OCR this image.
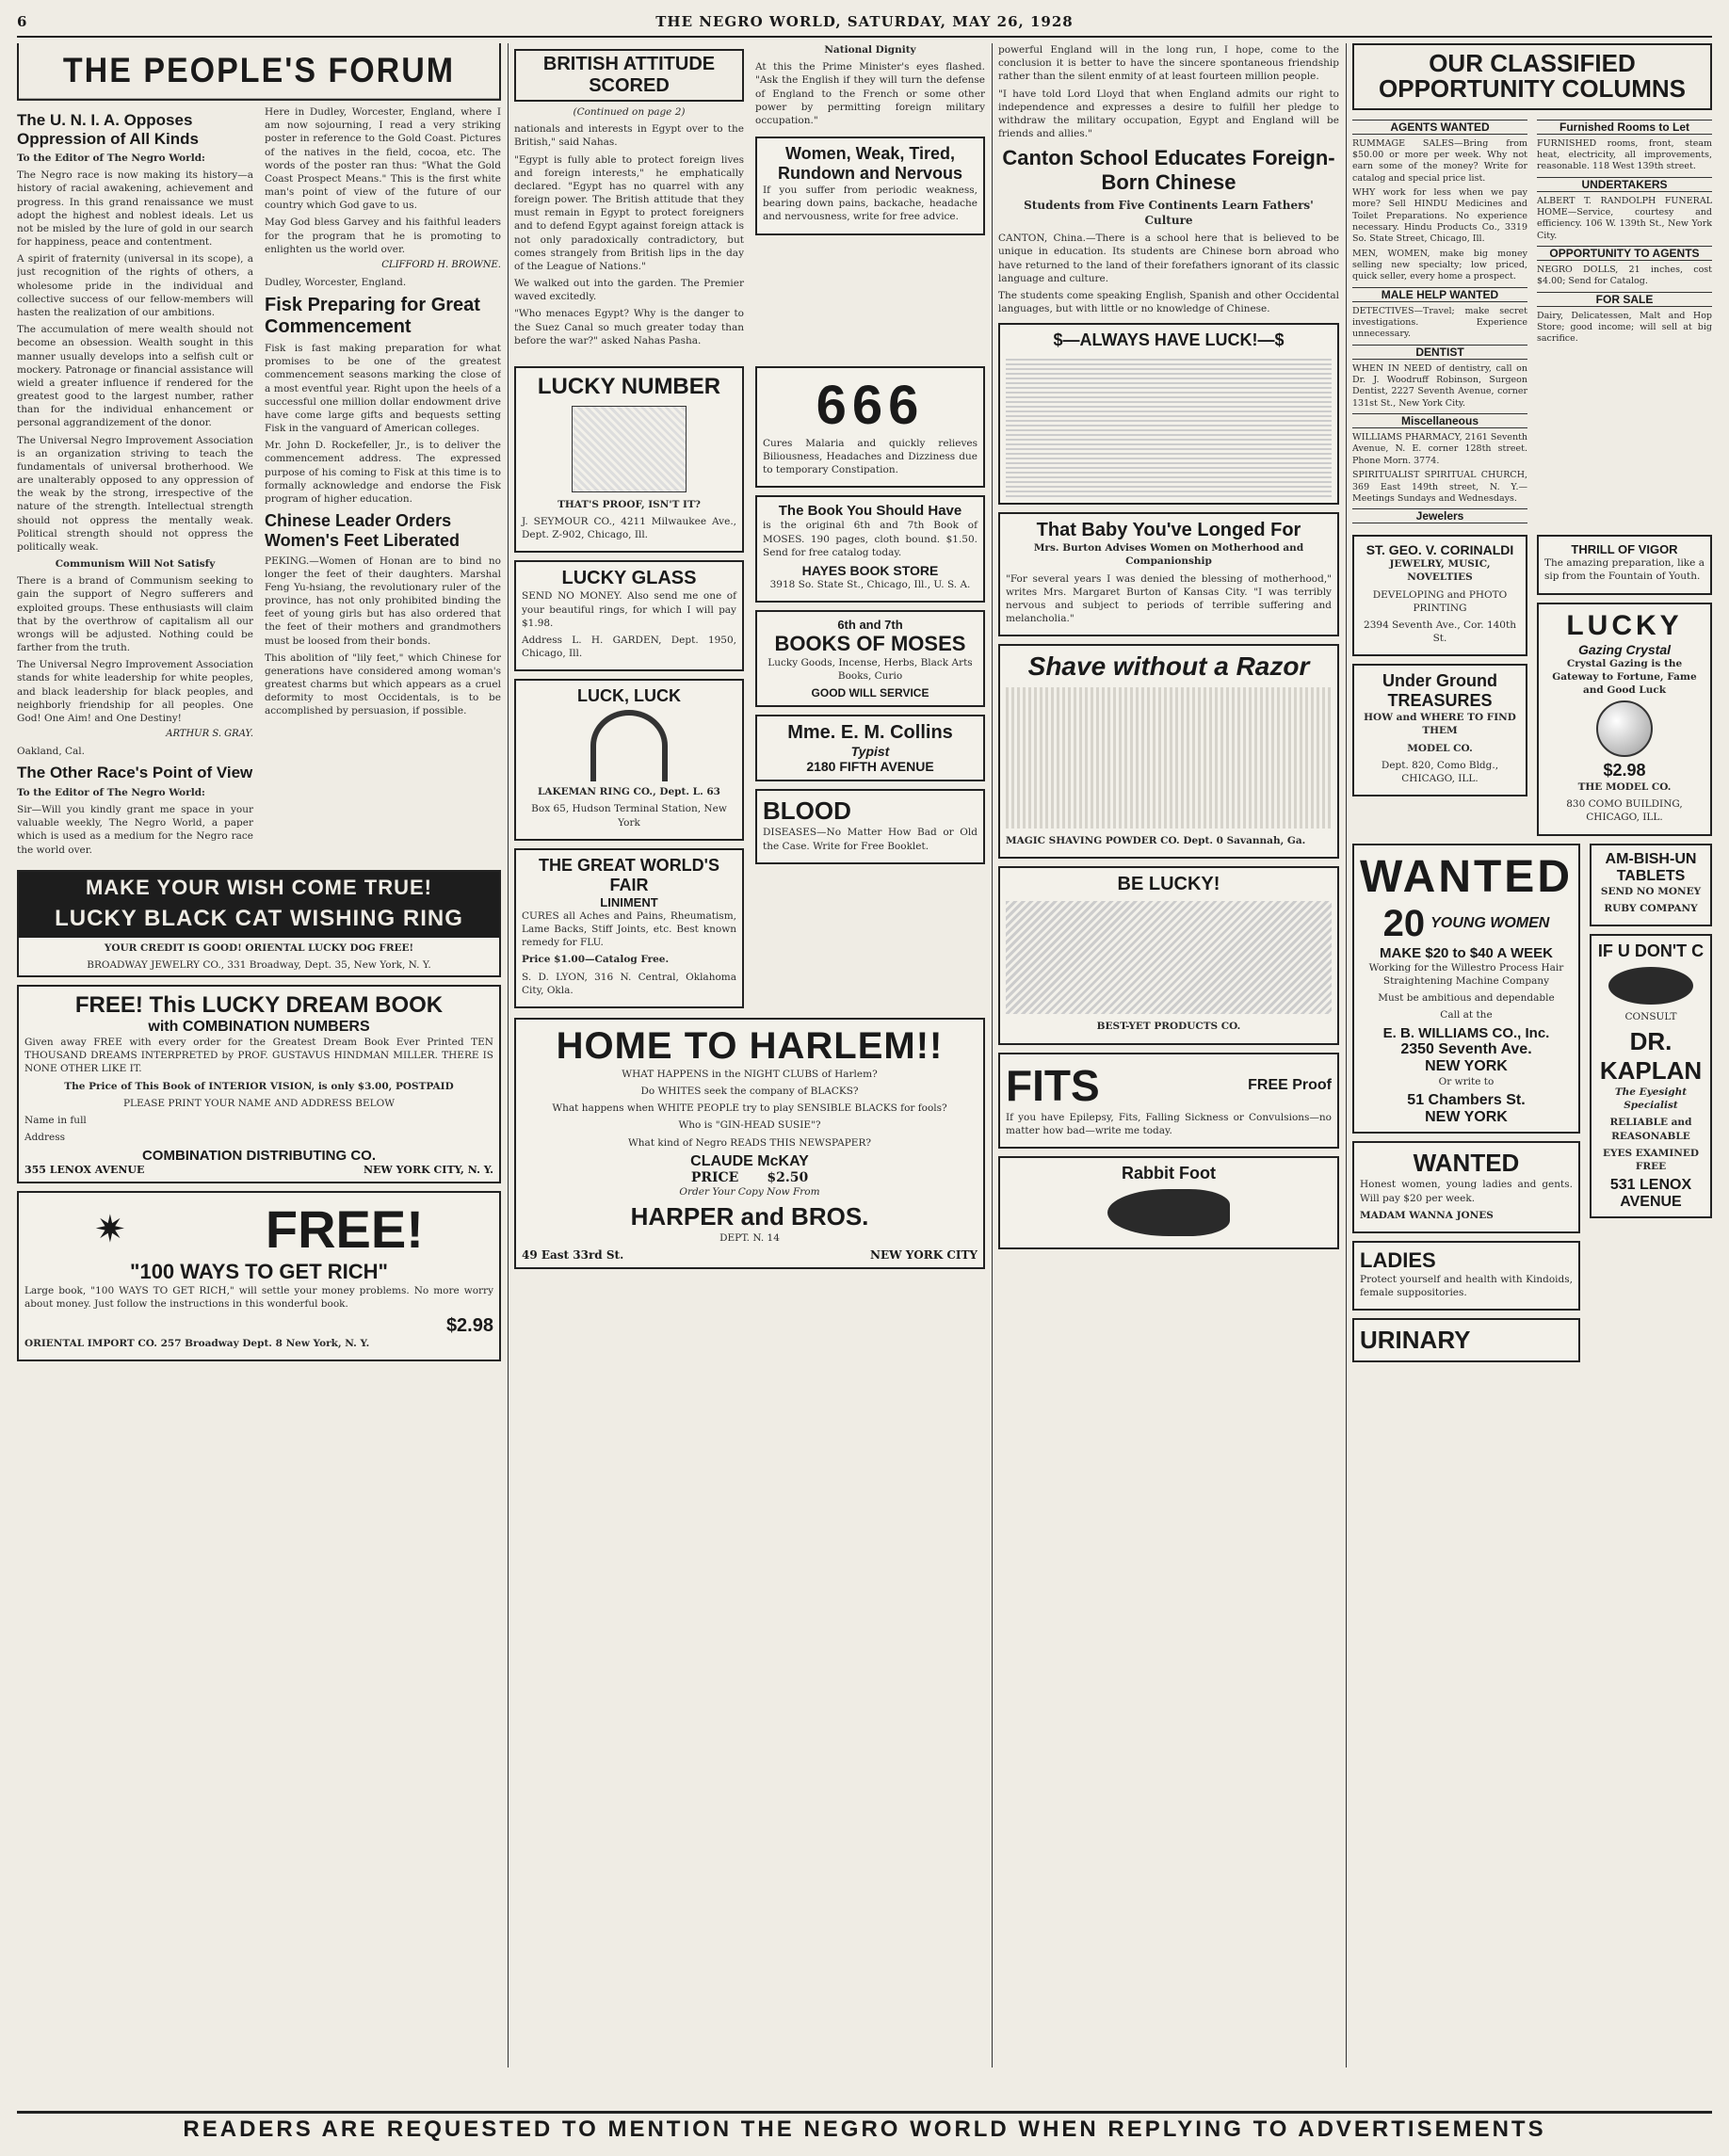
6	THE NEGRO WORLD, SATURDAY, MAY 26, 1928
THE PEOPLE'S FORUM
The U. N. I. A. Opposes Oppression of All Kinds

To the Editor of The Negro World:

The Negro race is now making its history—a history of racial awakening, achievement and progress. In this grand renaissance we must adopt the highest and noblest ideals. Let us not be misled by the lure of gold in our search for happiness, peace and contentment.

A spirit of fraternity (universal in its scope), a just recognition of the rights of others, a wholesome pride in the individual and collective success of our fellow-members will hasten the realization of our ambitions.

The accumulation of mere wealth should not become an obsession. Wealth sought in this manner usually develops into a selfish cult or mockery. Patronage or financial assistance will wield a greater influence if rendered for the greatest good to the largest number, rather than for the individual enhancement or personal aggrandizement of the donor.

The Universal Negro Improvement Association is an organization striving to teach the fundamentals of universal brotherhood. We are unalterably opposed to any oppression of the weak by the strong, irrespective of the nature of the strength. Intellectual strength should not oppress the mentally weak. Political strength should not oppress the politically weak.

Communism Will Not Satisfy

There is a brand of Communism seeking to gain the support of Negro sufferers and exploited groups. These enthusiasts will claim that by the overthrow of capitalism all our wrongs will be adjusted. Nothing could be farther from the truth.

The Universal Negro Improvement Association stands for white leadership for white peoples, and black leadership for black peoples, and neighborly friendship for all peoples. One God! One Aim! and One Destiny!

ARTHUR S. GRAY.

Oakland, Cal.

The Other Race's Point of View

To the Editor of The Negro World:

Sir—Will you kindly grant me space in your valuable weekly, The Negro World, a paper which is used as a medium for the Negro race the world over.

Here in Dudley, Worcester, England, where I am now sojourning, I read a very striking poster in reference to the Gold Coast. Pictures of the natives in the field, cocoa, etc. The words of the poster ran thus: "What the Gold Coast Prospect Means." This is the first white man's point of view of the future of our country which God gave to us.

May God bless Garvey and his faithful leaders for the program that he is promoting to enlighten us the world over.

CLIFFORD H. BROWNE.

Dudley, Worcester, England.

Fisk Preparing for Great Commencement

Fisk is fast making preparation for what promises to be one of the greatest commencement seasons marking the close of a most eventful year. Right upon the heels of a successful one million dollar endowment drive have come large gifts and bequests setting Fisk in the vanguard of American colleges.

Mr. John D. Rockefeller, Jr., is to deliver the commencement address. The expressed purpose of his coming to Fisk at this time is to formally acknowledge and endorse the Fisk program of higher education.

Chinese Leader Orders Women's Feet Liberated

PEKING.—Women of Honan are to bind no longer the feet of their daughters. Marshal Feng Yu-hsiang, the revolutionary ruler of the province, has not only prohibited binding the feet of young girls but has also ordered that the feet of their mothers and grandmothers must be loosed from their bonds.

This abolition of "lily feet," which Chinese for generations have considered among woman's greatest charms but which appears as a cruel deformity to most Occidentals, is to be accomplished by persuasion, if possible.

MAKE YOUR WISH COME TRUE!
LUCKY BLACK CAT WISHING RING

YOUR CREDIT IS GOOD! ORIENTAL LUCKY DOG FREE!

BROADWAY JEWELRY CO., 331 Broadway, Dept. 35, New York, N. Y.

FREE! This LUCKY DREAM BOOK
with COMBINATION NUMBERS

Given away FREE with every order for the Greatest Dream Book Ever Printed TEN THOUSAND DREAMS INTERPRETED by PROF. GUSTAVUS HINDMAN MILLER. THERE IS NONE OTHER LIKE IT.

The Price of This Book of INTERIOR VISION, is only $3.00, POSTPAID

PLEASE PRINT YOUR NAME AND ADDRESS BELOW

Name in full

Address

COMBINATION DISTRIBUTING CO.
355 LENOX AVENUE	NEW YORK CITY, N. Y.
✷	FREE!
"100 WAYS TO GET RICH"

Large book, "100 WAYS TO GET RICH," will settle your money problems. No more worry about money. Just follow the instructions in this wonderful book.

$2.98

ORIENTAL IMPORT CO. 257 Broadway Dept. 8 New York, N. Y.

BRITISH ATTITUDE SCORED

(Continued on page 2)

nationals and interests in Egypt over to the British," said Nahas.

"Egypt is fully able to protect foreign lives and foreign interests," he emphatically declared. "Egypt has no quarrel with any foreign power. The British attitude that they must remain in Egypt to protect foreigners and to defend Egypt against foreign attack is not only paradoxically contradictory, but comes strangely from British lips in the day of the League of Nations."

We walked out into the garden. The Premier waved excitedly.

"Who menaces Egypt? Why is the danger to the Suez Canal so much greater today than before the war?" asked Nahas Pasha.

National Dignity

At this the Prime Minister's eyes flashed. "Ask the English if they will turn the defense of England to the French or some other power by permitting foreign military occupation."

Women, Weak, Tired, Rundown and Nervous

If you suffer from periodic weakness, bearing down pains, backache, headache and nervousness, write for free advice.

LUCKY NUMBER

THAT'S PROOF, ISN'T IT?

J. SEYMOUR CO., 4211 Milwaukee Ave., Dept. Z-902, Chicago, Ill.

LUCKY GLASS

SEND NO MONEY. Also send me one of your beautiful rings, for which I will pay $1.98.

Address L. H. GARDEN, Dept. 1950, Chicago, Ill.

LUCK, LUCK

LAKEMAN RING CO., Dept. L. 63

Box 65, Hudson Terminal Station, New York

THE GREAT WORLD'S FAIR
LINIMENT

CURES all Aches and Pains, Rheumatism, Lame Backs, Stiff Joints, etc. Best known remedy for FLU.

Price $1.00—Catalog Free.

S. D. LYON, 316 N. Central, Oklahoma City, Okla.

666

Cures Malaria and quickly relieves Biliousness, Headaches and Dizziness due to temporary Constipation.

The Book You Should Have

is the original 6th and 7th Book of MOSES. 190 pages, cloth bound. $1.50. Send for free catalog today.

HAYES BOOK STORE

3918 So. State St., Chicago, Ill., U. S. A.

6th and 7th
BOOKS OF MOSES

Lucky Goods, Incense, Herbs, Black Arts Books, Curio

GOOD WILL SERVICE
Mme. E. M. Collins
Typist
2180 FIFTH AVENUE
BLOOD

DISEASES—No Matter How Bad or Old the Case. Write for Free Booklet.

HOME TO HARLEM!!

WHAT HAPPENS in the NIGHT CLUBS of Harlem?

Do WHITES seek the company of BLACKS?

What happens when WHITE PEOPLE try to play SENSIBLE BLACKS for fools?

Who is "GIN-HEAD SUSIE"?

What kind of Negro READS THIS NEWSPAPER?

CLAUDE McKAY
PRICE $2.50

Order Your Copy Now From

HARPER and BROS.

DEPT. N. 14

49 East 33rd St.	NEW YORK CITY

powerful England will in the long run, I hope, come to the conclusion it is better to have the sincere spontaneous friendship rather than the silent enmity of at least fourteen million people.

"I have told Lord Lloyd that when England admits our right to independence and expresses a desire to fulfill her pledge to withdraw the military occupation, Egypt and England will be friends and allies."

Canton School Educates Foreign-Born Chinese

Students from Five Continents Learn Fathers' Culture

CANTON, China.—There is a school here that is believed to be unique in education. Its students are Chinese born abroad who have returned to the land of their forefathers ignorant of its classic language and culture.

The students come speaking English, Spanish and other Occidental languages, but with little or no knowledge of Chinese.

$—ALWAYS HAVE LUCK!—$
That Baby You've Longed For

Mrs. Burton Advises Women on Motherhood and Companionship

"For several years I was denied the blessing of motherhood," writes Mrs. Margaret Burton of Kansas City. "I was terribly nervous and subject to periods of terrible suffering and melancholia."

Shave without a Razor

MAGIC SHAVING POWDER CO. Dept. 0 Savannah, Ga.

BE LUCKY!

BEST-YET PRODUCTS CO.

FITS	FREE Proof

If you have Epilepsy, Fits, Falling Sickness or Convulsions—no matter how bad—write me today.

Rabbit Foot
OUR CLASSIFIED OPPORTUNITY COLUMNS
AGENTS WANTED

RUMMAGE SALES—Bring from $50.00 or more per week. Why not earn some of the money? Write for catalog and special price list.

WHY work for less when we pay more? Sell HINDU Medicines and Toilet Preparations. No experience necessary. Hindu Products Co., 3319 So. State Street, Chicago, Ill.

MEN, WOMEN, make big money selling new specialty; low priced, quick seller, every home a prospect.

MALE HELP WANTED

DETECTIVES—Travel; make secret investigations. Experience unnecessary.

DENTIST

WHEN IN NEED of dentistry, call on Dr. J. Woodruff Robinson, Surgeon Dentist, 2227 Seventh Avenue, corner 131st St., New York City.

Miscellaneous

WILLIAMS PHARMACY, 2161 Seventh Avenue, N. E. corner 128th street. Phone Morn. 3774.

SPIRITUALIST SPIRITUAL CHURCH, 369 East 149th street, N. Y.—Meetings Sundays and Wednesdays.

Jewelers
Furnished Rooms to Let

FURNISHED rooms, front, steam heat, electricity, all improvements, reasonable. 118 West 139th street.

UNDERTAKERS

ALBERT T. RANDOLPH FUNERAL HOME—Service, courtesy and efficiency. 106 W. 139th St., New York City.

OPPORTUNITY TO AGENTS

NEGRO DOLLS, 21 inches, cost $4.00; Send for Catalog.

FOR SALE

Dairy, Delicatessen, Malt and Hop Store; good income; will sell at big sacrifice.

ST. GEO. V. CORINALDI

JEWELRY, MUSIC, NOVELTIES

DEVELOPING and PHOTO PRINTING

2394 Seventh Ave., Cor. 140th St.

Under Ground TREASURES

HOW and WHERE TO FIND THEM

MODEL CO.

Dept. 820, Como Bldg., CHICAGO, ILL.

THRILL OF VIGOR

The amazing preparation, like a sip from the Fountain of Youth.

LUCKY
Gazing Crystal

Crystal Gazing is the Gateway to Fortune, Fame and Good Luck

$2.98

THE MODEL CO.

830 COMO BUILDING, CHICAGO, ILL.

WANTED
20 YOUNG WOMEN
MAKE $20 to $40 A WEEK

Working for the Willestro Process Hair Straightening Machine Company

Must be ambitious and dependable

Call at the

E. B. WILLIAMS CO., Inc.
2350 Seventh Ave.
NEW YORK

Or write to

51 Chambers St.
NEW YORK
WANTED

Honest women, young ladies and gents. Will pay $20 per week.

MADAM WANNA JONES

LADIES

Protect yourself and health with Kindoids, female suppositories.

URINARY
AM-BISH-UN TABLETS

SEND NO MONEY

RUBY COMPANY

IF U DON'T C

CONSULT

DR. KAPLAN

The Eyesight Specialist

RELIABLE and REASONABLE

EYES EXAMINED FREE

531 LENOX AVENUE
READERS ARE REQUESTED TO MENTION THE NEGRO WORLD WHEN REPLYING TO ADVERTISEMENTS
